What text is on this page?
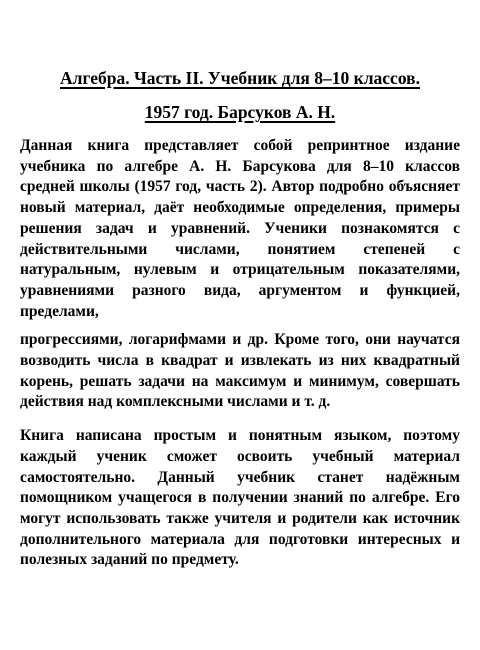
Алгебра. Часть II. Учебник для 8–10 классов.
1957 год. Барсуков А. Н.

Данная книга представляет собой репринтное издание учебника по алгебре А. Н. Барсукова для 8–10 классов средней школы (1957 год, часть 2). Автор подробно объясняет новый материал, даёт необходимые определения, примеры решения задач и уравнений. Ученики познакомятся с действительными числами, понятием степеней с натуральным, нулевым и отрицательным показателями, уравнениями разного вида, аргументом и функцией, пределами,

прогрессиями, логарифмами и др. Кроме того, они научатся возводить числа в квадрат и извлекать из них квадратный корень, решать задачи на максимум и минимум, совершать действия над комплексными числами и т. д.

Книга написана простым и понятным языком, поэтому каждый ученик сможет освоить учебный материал самостоятельно. Данный учебник станет надёжным помощником учащегося в получении знаний по алгебре. Его могут использовать также учителя и родители как источник дополнительного материала для подготовки интересных и полезных заданий по предмету.
